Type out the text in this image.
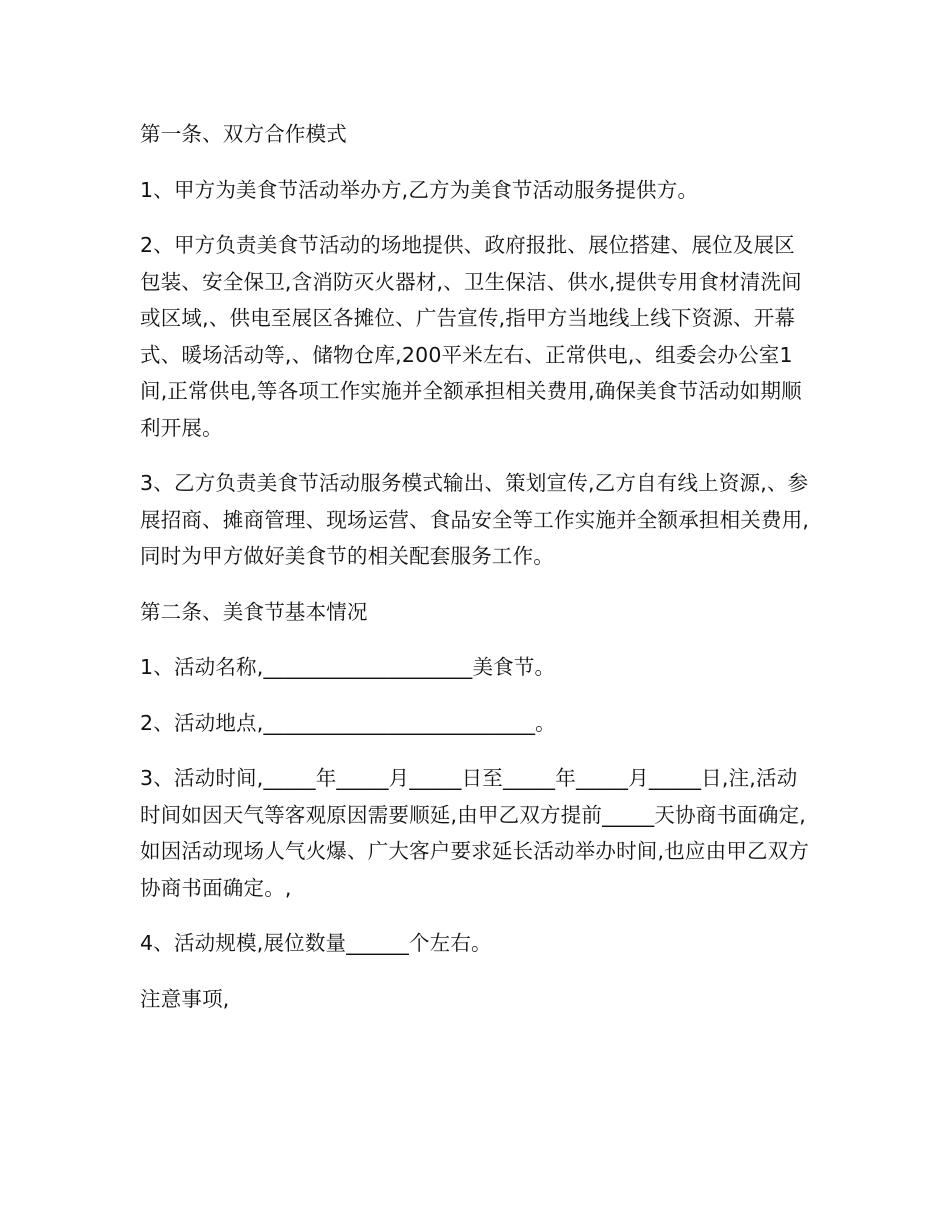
第一条、双方合作模式

1、甲方为美食节活动举办方,乙方为美食节活动服务提供方。

2、甲方负责美食节活动的场地提供、政府报批、展位搭建、展位及展区包装、安全保卫,含消防灭火器材,、卫生保洁、供水,提供专用食材清洗间或区域,、供电至展区各摊位、广告宣传,指甲方当地线上线下资源、开幕式、暖场活动等,、储物仓库,200平米左右、正常供电,、组委会办公室1间,正常供电,等各项工作实施并全额承担相关费用,确保美食节活动如期顺利开展。

3、乙方负责美食节活动服务模式输出、策划宣传,乙方自有线上资源,、参展招商、摊商管理、现场运营、食品安全等工作实施并全额承担相关费用,同时为甲方做好美食节的相关配套服务工作。

第二条、美食节基本情况

1、活动名称,____________________美食节。

2、活动地点,__________________________。

3、活动时间,_____年_____月_____日至_____年_____月_____日,注,活动时间如因天气等客观原因需要顺延,由甲乙双方提前_____天协商书面确定,如因活动现场人气火爆、广大客户要求延长活动举办时间,也应由甲乙双方协商书面确定。,

4、活动规模,展位数量______个左右。

注意事项,
